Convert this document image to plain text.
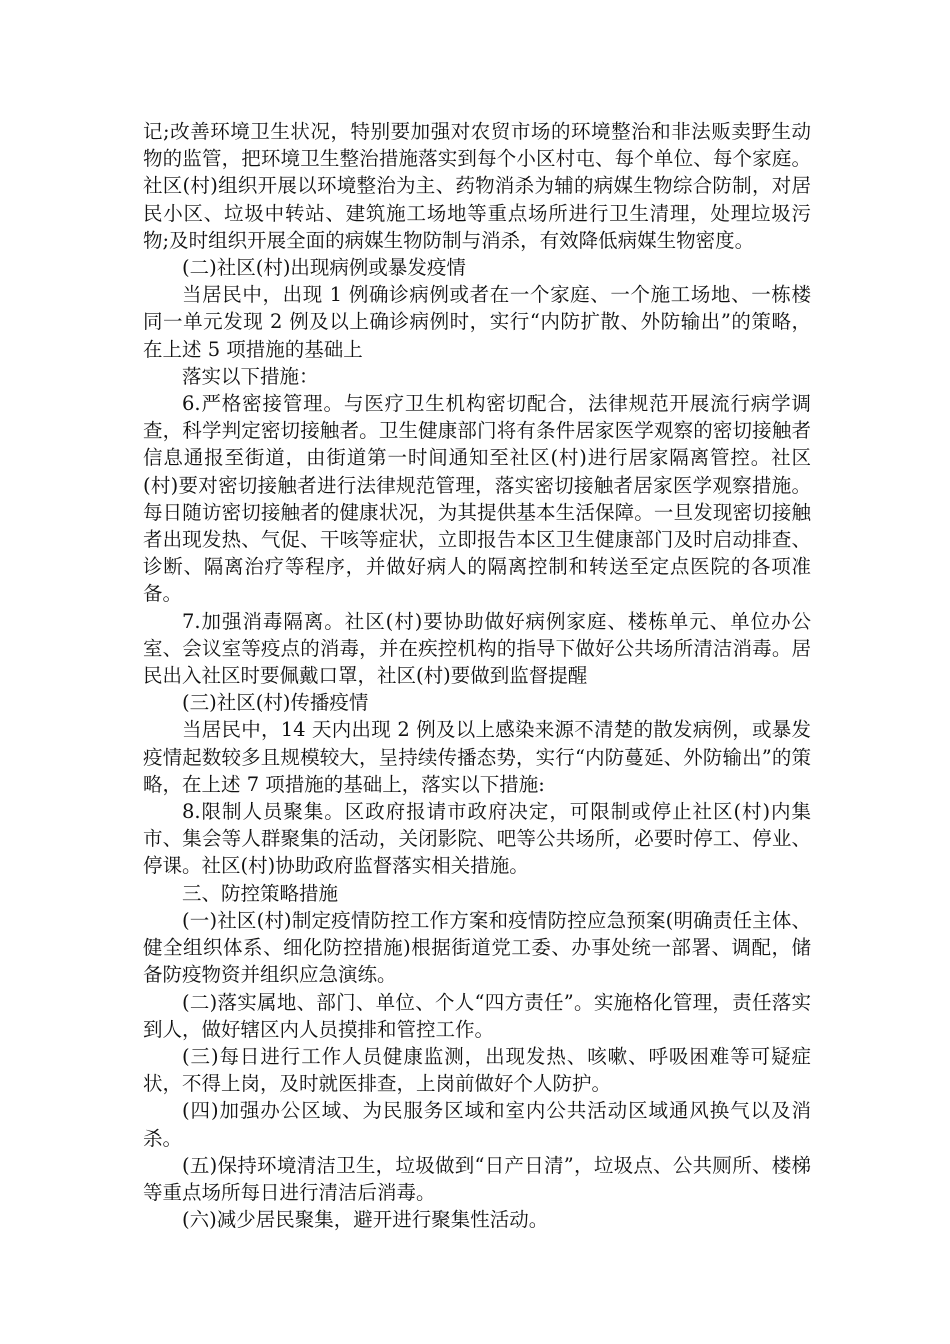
记;改善环境卫生状况，特别要加强对农贸市场的环境整治和非法贩卖野生动物的监管，把环境卫生整治措施落实到每个小区村屯、每个单位、每个家庭。社区(村)组织开展以环境整治为主、药物消杀为辅的病媒生物综合防制，对居民小区、垃圾中转站、建筑施工场地等重点场所进行卫生清理，处理垃圾污物;及时组织开展全面的病媒生物防制与消杀，有效降低病媒生物密度。

(二)社区(村)出现病例或暴发疫情

当居民中，出现 1 例确诊病例或者在一个家庭、一个施工场地、一栋楼同一单元发现 2 例及以上确诊病例时，实行“内防扩散、外防输出”的策略，在上述 5 项措施的基础上

落实以下措施：

6.严格密接管理。与医疗卫生机构密切配合，法律规范开展流行病学调查，科学判定密切接触者。卫生健康部门将有条件居家医学观察的密切接触者信息通报至街道，由街道第一时间通知至社区(村)进行居家隔离管控。社区(村)要对密切接触者进行法律规范管理，落实密切接触者居家医学观察措施。每日随访密切接触者的健康状况，为其提供基本生活保障。一旦发现密切接触者出现发热、气促、干咳等症状，立即报告本区卫生健康部门及时启动排查、诊断、隔离治疗等程序，并做好病人的隔离控制和转送至定点医院的各项准备。

7.加强消毒隔离。社区(村)要协助做好病例家庭、楼栋单元、单位办公室、会议室等疫点的消毒，并在疾控机构的指导下做好公共场所清洁消毒。居民出入社区时要佩戴口罩，社区(村)要做到监督提醒

(三)社区(村)传播疫情

当居民中，14 天内出现 2 例及以上感染来源不清楚的散发病例，或暴发疫情起数较多且规模较大，呈持续传播态势，实行“内防蔓延、外防输出”的策略，在上述 7 项措施的基础上，落实以下措施:

8.限制人员聚集。区政府报请市政府决定，可限制或停止社区(村)内集市、集会等人群聚集的活动，关闭影院、吧等公共场所，必要时停工、停业、停课。社区(村)协助政府监督落实相关措施。

三、防控策略措施

(一)社区(村)制定疫情防控工作方案和疫情防控应急预案(明确责任主体、健全组织体系、细化防控措施)根据街道党工委、办事处统一部署、调配，储备防疫物资并组织应急演练。

(二)落实属地、部门、单位、个人“四方责任”。实施格化管理，责任落实到人，做好辖区内人员摸排和管控工作。

(三)每日进行工作人员健康监测，出现发热、咳嗽、呼吸困难等可疑症状，不得上岗，及时就医排查，上岗前做好个人防护。

(四)加强办公区域、为民服务区域和室内公共活动区域通风换气以及消杀。

(五)保持环境清洁卫生，垃圾做到“日产日清”，垃圾点、公共厕所、楼梯等重点场所每日进行清洁后消毒。

(六)减少居民聚集，避开进行聚集性活动。
